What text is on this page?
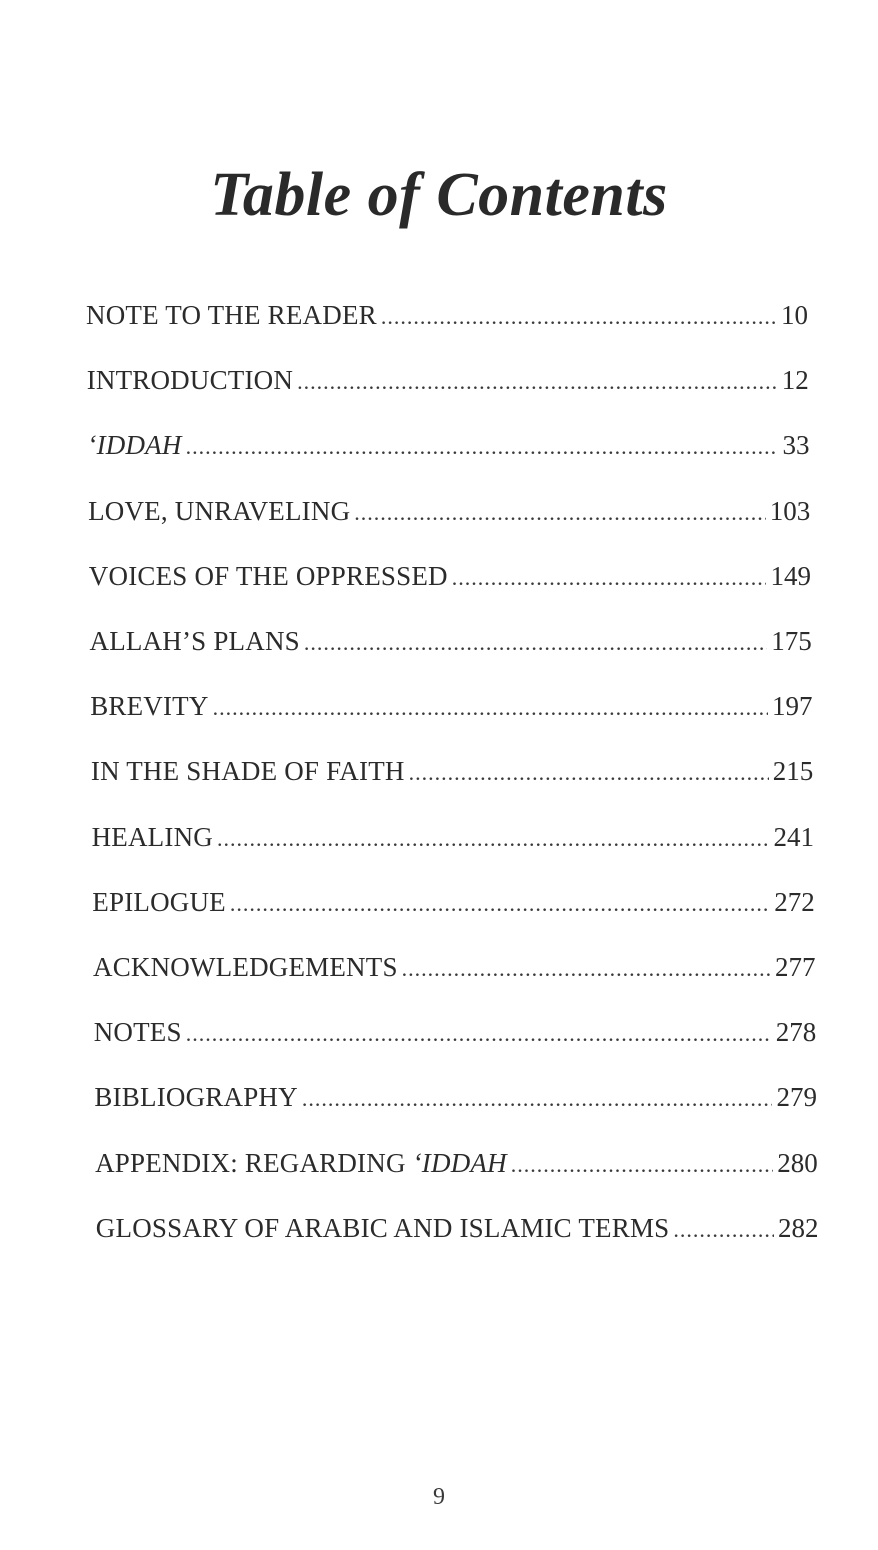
Table of Contents
NOTE TO THE READER .....	10
INTRODUCTION .....	12
‘IDDAH .....	33
LOVE, UNRAVELING .....	103
VOICES OF THE OPPRESSED .....	149
ALLAH’S PLANS .....	175
BREVITY .....	197
IN THE SHADE OF FAITH .....	215
HEALING .....	241
EPILOGUE .....	272
ACKNOWLEDGEMENTS .....	277
NOTES .....	278
BIBLIOGRAPHY .....	279
APPENDIX: REGARDING ‘IDDAH .....	280
GLOSSARY OF ARABIC AND ISLAMIC TERMS .....	282
9
